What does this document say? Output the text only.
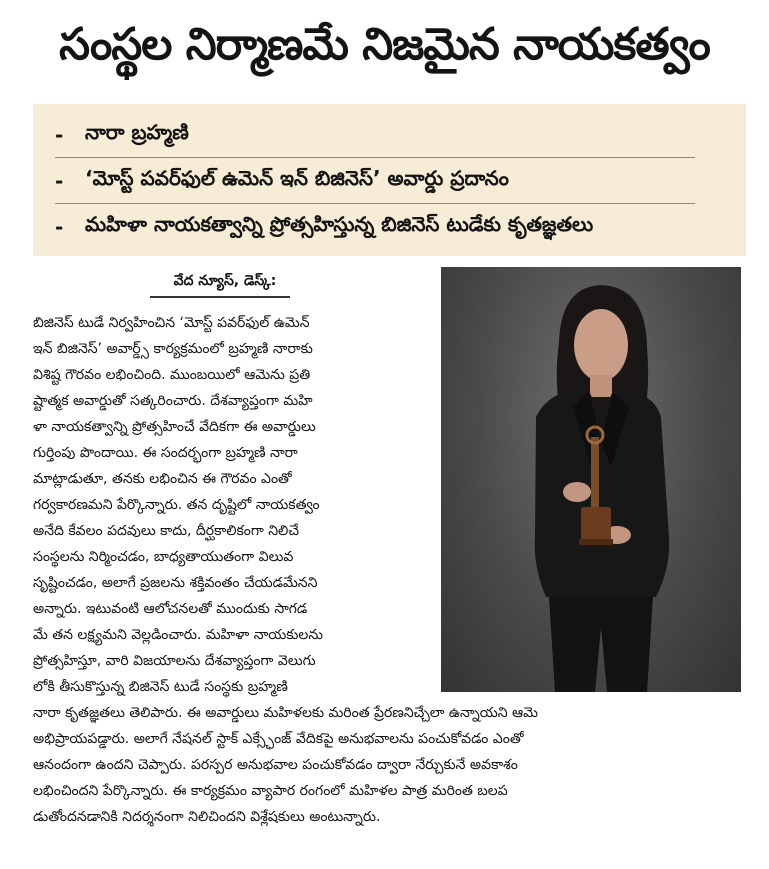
సంస్థల నిర్మాణమే నిజమైన నాయకత్వం
-	నారా బ్రహ్మణి
-	‘మోస్ట్ పవర్‌ఫుల్ ఉమెన్ ఇన్ బిజినెస్’ అవార్డు ప్రదానం
-	మహిళా నాయకత్వాన్ని ప్రోత్సహిస్తున్న బిజినెస్ టుడేకు కృతజ్ఞతలు
వేద న్యూస్, డెస్క్:
బిజినెస్ టుడే నిర్వహించిన ‘మోస్ట్ పవర్‌ఫుల్ ఉమెన్
ఇన్ బిజినెస్’ అవార్డ్స్ కార్యక్రమంలో బ్రహ్మణి నారాకు
విశిష్ట గౌరవం లభించింది. ముంబయిలో ఆమెను ప్రతి
ష్టాత్మక అవార్డుతో సత్కరించారు. దేశవ్యాప్తంగా మహి
ళా నాయకత్వాన్ని ప్రోత్సహించే వేదికగా ఈ అవార్డులు
గుర్తింపు పొందాయి. ఈ సందర్భంగా బ్రహ్మణి నారా
మాట్లాడుతూ, తనకు లభించిన ఈ గౌరవం ఎంతో
గర్వకారణమని పేర్కొన్నారు. తన దృష్టిలో నాయకత్వం
అనేది కేవలం పదవులు కాదు, దీర్ఘకాలికంగా నిలిచే
సంస్థలను నిర్మించడం, బాధ్యతాయుతంగా విలువ
సృష్టించడం, అలాగే ప్రజలను శక్తివంతం చేయడమేనని
అన్నారు. ఇటువంటి ఆలోచనలతో ముందుకు సాగడ
మే తన లక్ష్యమని వెల్లడించారు. మహిళా నాయకులను
ప్రోత్సహిస్తూ, వారి విజయాలను దేశవ్యాప్తంగా వెలుగు
లోకి తీసుకొస్తున్న బిజినెస్ టుడే సంస్థకు బ్రహ్మణి
నారా కృతజ్ఞతలు తెలిపారు. ఈ అవార్డులు మహిళలకు మరింత ప్రేరణనిచ్చేలా ఉన్నాయని ఆమె
అభిప్రాయపడ్డారు. అలాగే నేషనల్ స్టాక్ ఎక్స్ఛేంజ్ వేదికపై అనుభవాలను పంచుకోవడం ఎంతో
ఆనందంగా ఉందని చెప్పారు. పరస్పర అనుభవాల పంచుకోవడం ద్వారా నేర్చుకునే అవకాశం
లభించిందని పేర్కొన్నారు. ఈ కార్యక్రమం వ్యాపార రంగంలో మహిళల పాత్ర మరింత బలప
డుతోందనడానికి నిదర్శనంగా నిలిచిందని విశ్లేషకులు అంటున్నారు.
